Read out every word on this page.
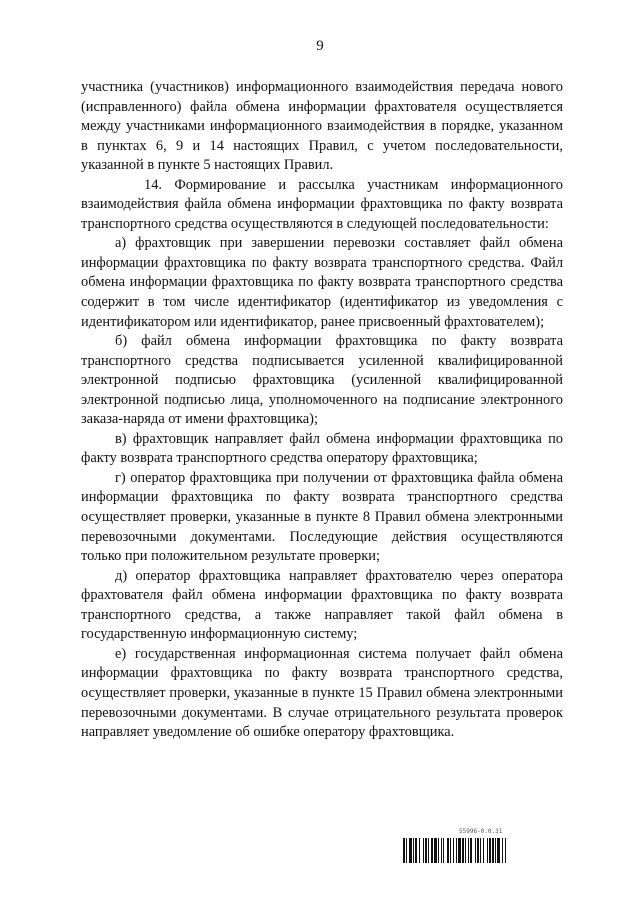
9

участника (участников) информационного взаимодействия передача нового (исправленного) файла обмена информации фрахтователя осуществляется между участниками информационного взаимодействия в порядке, указанном в пунктах 6, 9 и 14 настоящих Правил, с учетом последовательности, указанной в пункте 5 настоящих Правил.

14. Формирование и рассылка участникам информационного взаимодействия файла обмена информации фрахтовщика по факту возврата транспортного средства осуществляются в следующей последовательности:

а) фрахтовщик при завершении перевозки составляет файл обмена информации фрахтовщика по факту возврата транспортного средства. Файл обмена информации фрахтовщика по факту возврата транспортного средства содержит в том числе идентификатор (идентификатор из уведомления с идентификатором или идентификатор, ранее присвоенный фрахтователем);

б) файл обмена информации фрахтовщика по факту возврата транспортного средства подписывается усиленной квалифицированной электронной подписью фрахтовщика (усиленной квалифицированной электронной подписью лица, уполномоченного на подписание электронного заказа-наряда от имени фрахтовщика);

в) фрахтовщик направляет файл обмена информации фрахтовщика по факту возврата транспортного средства оператору фрахтовщика;

г) оператор фрахтовщика при получении от фрахтовщика файла обмена информации фрахтовщика по факту возврата транспортного средства осуществляет проверки, указанные в пункте 8 Правил обмена электронными перевозочными документами. Последующие действия осуществляются только при положительном результате проверки;

д) оператор фрахтовщика направляет фрахтователю через оператора фрахтователя файл обмена информации фрахтовщика по факту возврата транспортного средства, а также направляет такой файл обмена в государственную информационную систему;

е) государственная информационная система получает файл обмена информации фрахтовщика по факту возврата транспортного средства, осуществляет проверки, указанные в пункте 15 Правил обмена электронными перевозочными документами. В случае отрицательного результата проверок направляет уведомление об ошибке оператору фрахтовщика.

55996-0.0.31
